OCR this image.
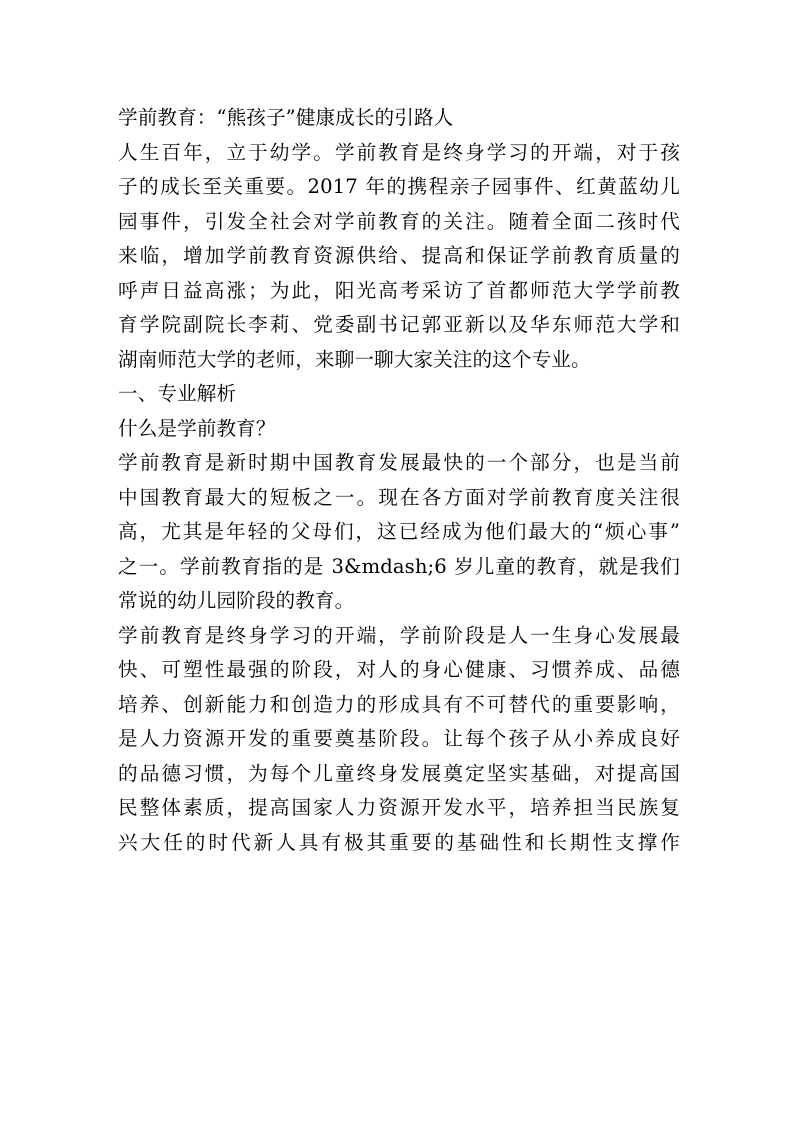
学前教育：“熊孩子”健康成长的引路人
人生百年，立于幼学。学前教育是终身学习的开端，对于孩
子的成长至关重要。2017 年的携程亲子园事件、红黄蓝幼儿
园事件，引发全社会对学前教育的关注。随着全面二孩时代
来临，增加学前教育资源供给、提高和保证学前教育质量的
呼声日益高涨；为此，阳光高考采访了首都师范大学学前教
育学院副院长李莉、党委副书记郭亚新以及华东师范大学和
湖南师范大学的老师，来聊一聊大家关注的这个专业。
一、专业解析
什么是学前教育？
学前教育是新时期中国教育发展最快的一个部分，也是当前
中国教育最大的短板之一。现在各方面对学前教育度关注很
高，尤其是年轻的父母们，这已经成为他们最大的“烦心事”
之一。学前教育指的是 3&mdash;6 岁儿童的教育，就是我们
常说的幼儿园阶段的教育。
学前教育是终身学习的开端，学前阶段是人一生身心发展最
快、可塑性最强的阶段，对人的身心健康、习惯养成、品德
培养、创新能力和创造力的形成具有不可替代的重要影响，
是人力资源开发的重要奠基阶段。让每个孩子从小养成良好
的品德习惯，为每个儿童终身发展奠定坚实基础，对提高国
民整体素质，提高国家人力资源开发水平，培养担当民族复
兴大任的时代新人具有极其重要的基础性和长期性支撑作
